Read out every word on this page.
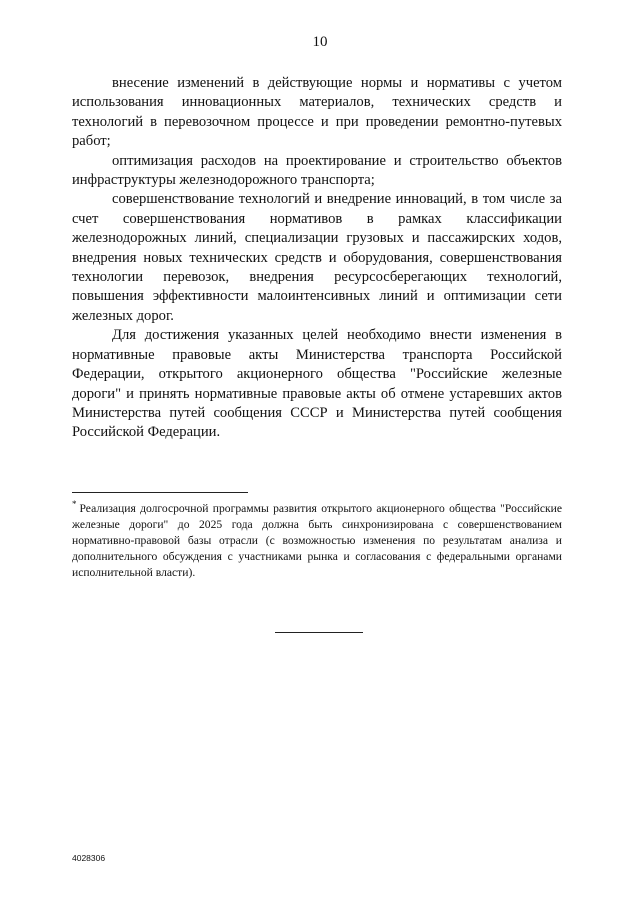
10

внесение изменений в действующие нормы и нормативы с учетом использования инновационных материалов, технических средств и технологий в перевозочном процессе и при проведении ремонтно-путевых работ;

оптимизация расходов на проектирование и строительство объектов инфраструктуры железнодорожного транспорта;

совершенствование технологий и внедрение инноваций, в том числе за счет совершенствования нормативов в рамках классификации железнодорожных линий, специализации грузовых и пассажирских ходов, внедрения новых технических средств и оборудования, совершенствования технологии перевозок, внедрения ресурсосберегающих технологий, повышения эффективности малоинтенсивных линий и оптимизации сети железных дорог.

Для достижения указанных целей необходимо внести изменения в нормативные правовые акты Министерства транспорта Российской Федерации, открытого акционерного общества "Российские железные дороги" и принять нормативные правовые акты об отмене устаревших актов Министерства путей сообщения СССР и Министерства путей сообщения Российской Федерации.

* Реализация долгосрочной программы развития открытого акционерного общества "Российские железные дороги" до 2025 года должна быть синхронизирована с совершенствованием нормативно-правовой базы отрасли (с возможностью изменения по результатам анализа и дополнительного обсуждения с участниками рынка и согласования с федеральными органами исполнительной власти).

4028306
